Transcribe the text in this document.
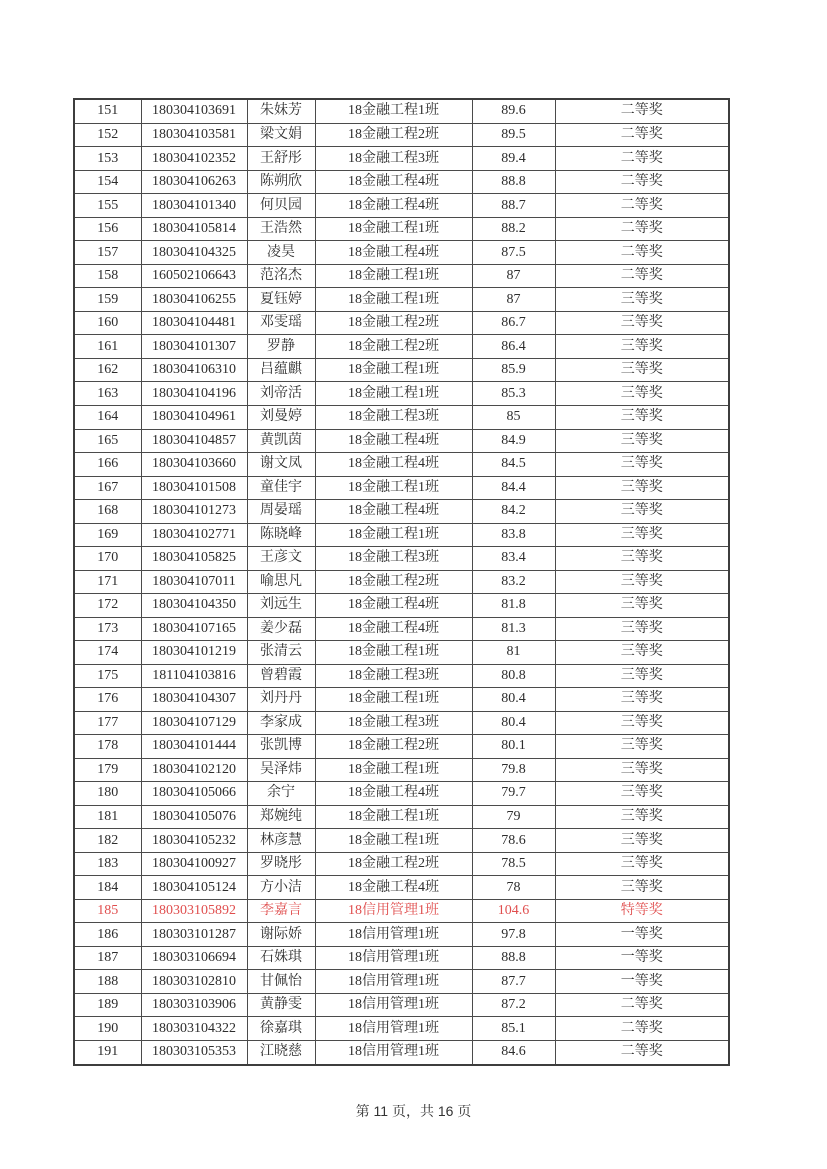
151	180304103691	朱妹芳	18金融工程1班	89.6	二等奖
152	180304103581	梁文娟	18金融工程2班	89.5	二等奖
153	180304102352	王舒彤	18金融工程3班	89.4	二等奖
154	180304106263	陈朔欣	18金融工程4班	88.8	二等奖
155	180304101340	何贝园	18金融工程4班	88.7	二等奖
156	180304105814	王浩然	18金融工程1班	88.2	二等奖
157	180304104325	凌昊	18金融工程4班	87.5	二等奖
158	160502106643	范洺杰	18金融工程1班	87	二等奖
159	180304106255	夏钰婷	18金融工程1班	87	三等奖
160	180304104481	邓雯瑶	18金融工程2班	86.7	三等奖
161	180304101307	罗静	18金融工程2班	86.4	三等奖
162	180304106310	吕蕴麒	18金融工程1班	85.9	三等奖
163	180304104196	刘帝活	18金融工程1班	85.3	三等奖
164	180304104961	刘曼婷	18金融工程3班	85	三等奖
165	180304104857	黄凯茵	18金融工程4班	84.9	三等奖
166	180304103660	谢文凤	18金融工程4班	84.5	三等奖
167	180304101508	童佳宇	18金融工程1班	84.4	三等奖
168	180304101273	周晏瑶	18金融工程4班	84.2	三等奖
169	180304102771	陈晓峰	18金融工程1班	83.8	三等奖
170	180304105825	王彦文	18金融工程3班	83.4	三等奖
171	180304107011	喻思凡	18金融工程2班	83.2	三等奖
172	180304104350	刘远生	18金融工程4班	81.8	三等奖
173	180304107165	姜少磊	18金融工程4班	81.3	三等奖
174	180304101219	张清云	18金融工程1班	81	三等奖
175	181104103816	曾碧霞	18金融工程3班	80.8	三等奖
176	180304104307	刘丹丹	18金融工程1班	80.4	三等奖
177	180304107129	李家成	18金融工程3班	80.4	三等奖
178	180304101444	张凯博	18金融工程2班	80.1	三等奖
179	180304102120	吴泽炜	18金融工程1班	79.8	三等奖
180	180304105066	余宁	18金融工程4班	79.7	三等奖
181	180304105076	郑婉纯	18金融工程1班	79	三等奖
182	180304105232	林彦慧	18金融工程1班	78.6	三等奖
183	180304100927	罗晓彤	18金融工程2班	78.5	三等奖
184	180304105124	方小洁	18金融工程4班	78	三等奖
185	180303105892	李嘉言	18信用管理1班	104.6	特等奖
186	180303101287	谢际娇	18信用管理1班	97.8	一等奖
187	180303106694	石姝琪	18信用管理1班	88.8	一等奖
188	180303102810	甘佩怡	18信用管理1班	87.7	一等奖
189	180303103906	黄静雯	18信用管理1班	87.2	二等奖
190	180303104322	徐嘉琪	18信用管理1班	85.1	二等奖
191	180303105353	江晓慈	18信用管理1班	84.6	二等奖
第 11 页，共 16 页
